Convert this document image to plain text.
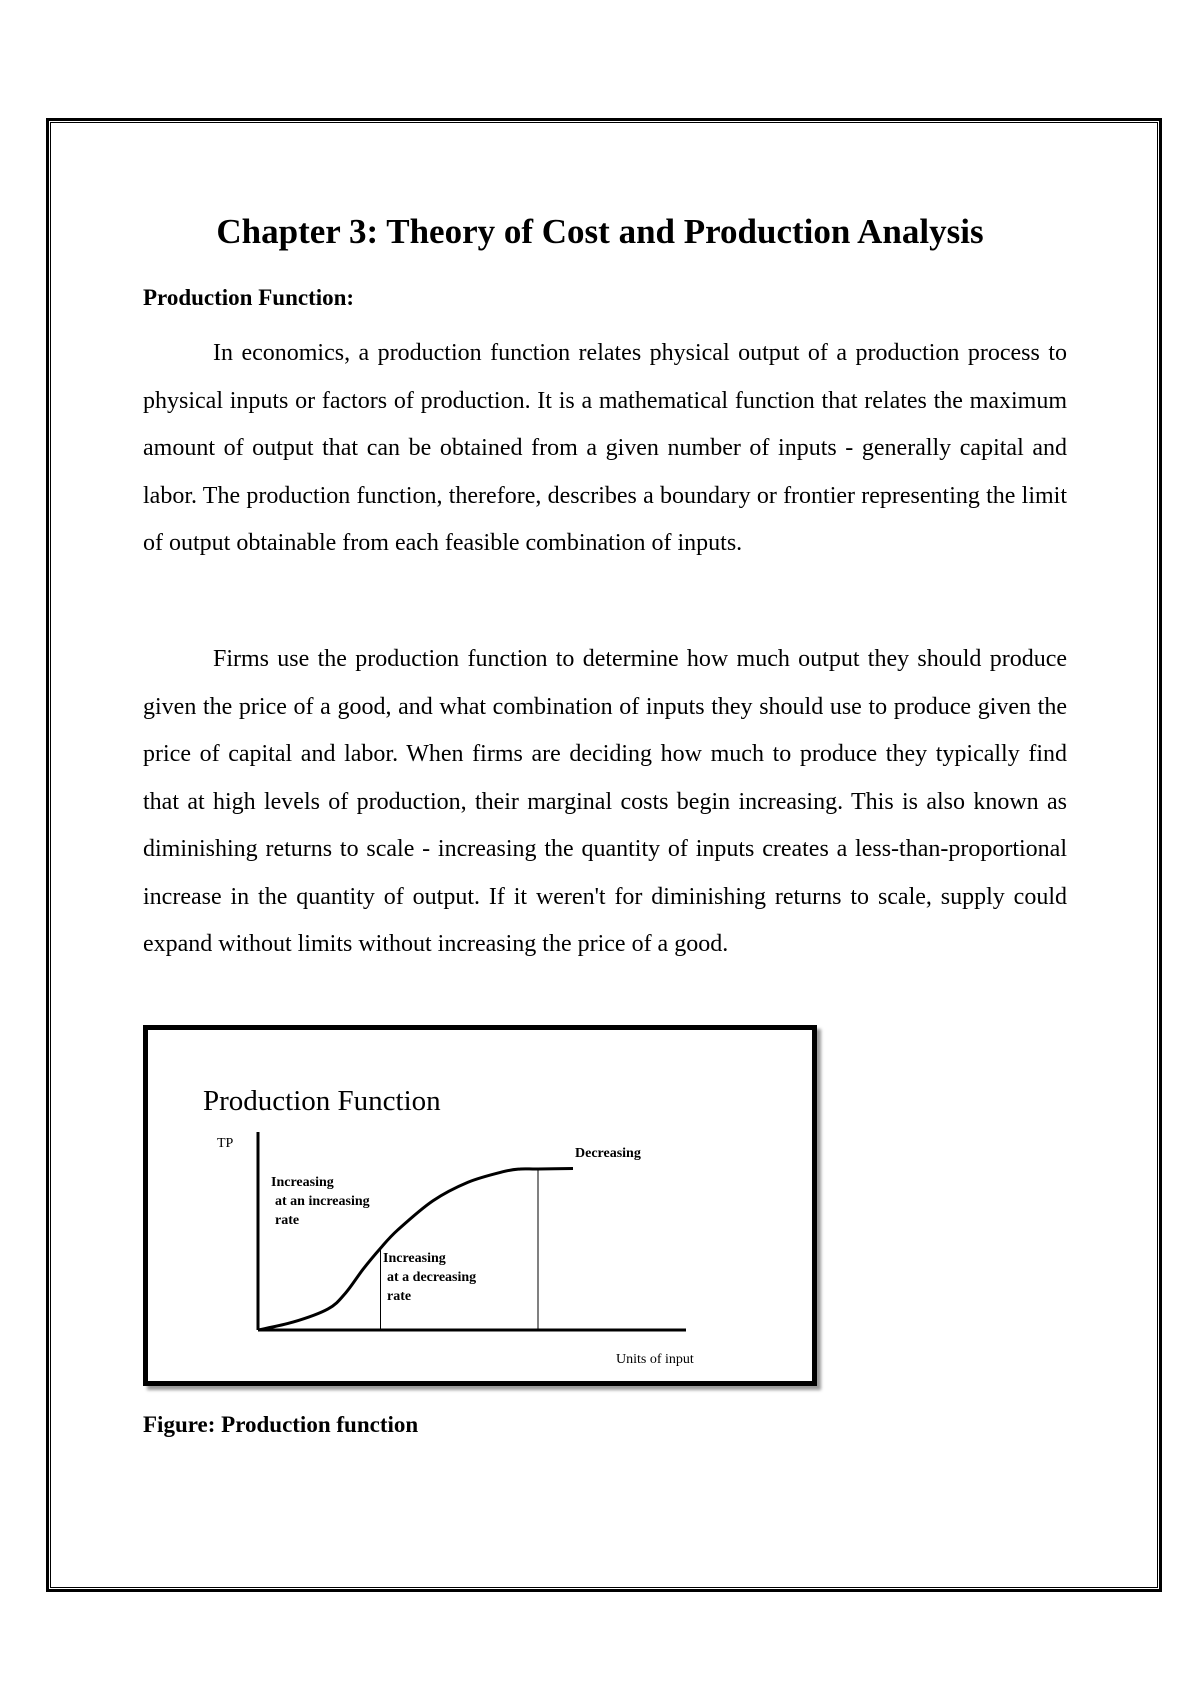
Chapter 3: Theory of Cost and Production Analysis
Production Function:

In economics, a production function relates physical output of a production process to physical inputs or factors of production. It is a mathematical function that relates the maximum amount of output that can be obtained from a given number of inputs - generally capital and labor. The production function, therefore, describes a boundary or frontier representing the limit of output obtainable from each feasible combination of inputs.

Firms use the production function to determine how much output they should produce given the price of a good, and what combination of inputs they should use to produce given the price of capital and labor. When firms are deciding how much to produce they typically find that at high levels of production, their marginal costs begin increasing. This is also known as diminishing returns to scale - increasing the quantity of inputs creates a less-than-proportional increase in the quantity of output. If it weren't for diminishing returns to scale, supply could expand without limits without increasing the price of a good.

Production Function
TP
Units of input
Increasing
at an increasing
rate
Increasing
at a decreasing
rate
Decreasing

Figure: Production function
